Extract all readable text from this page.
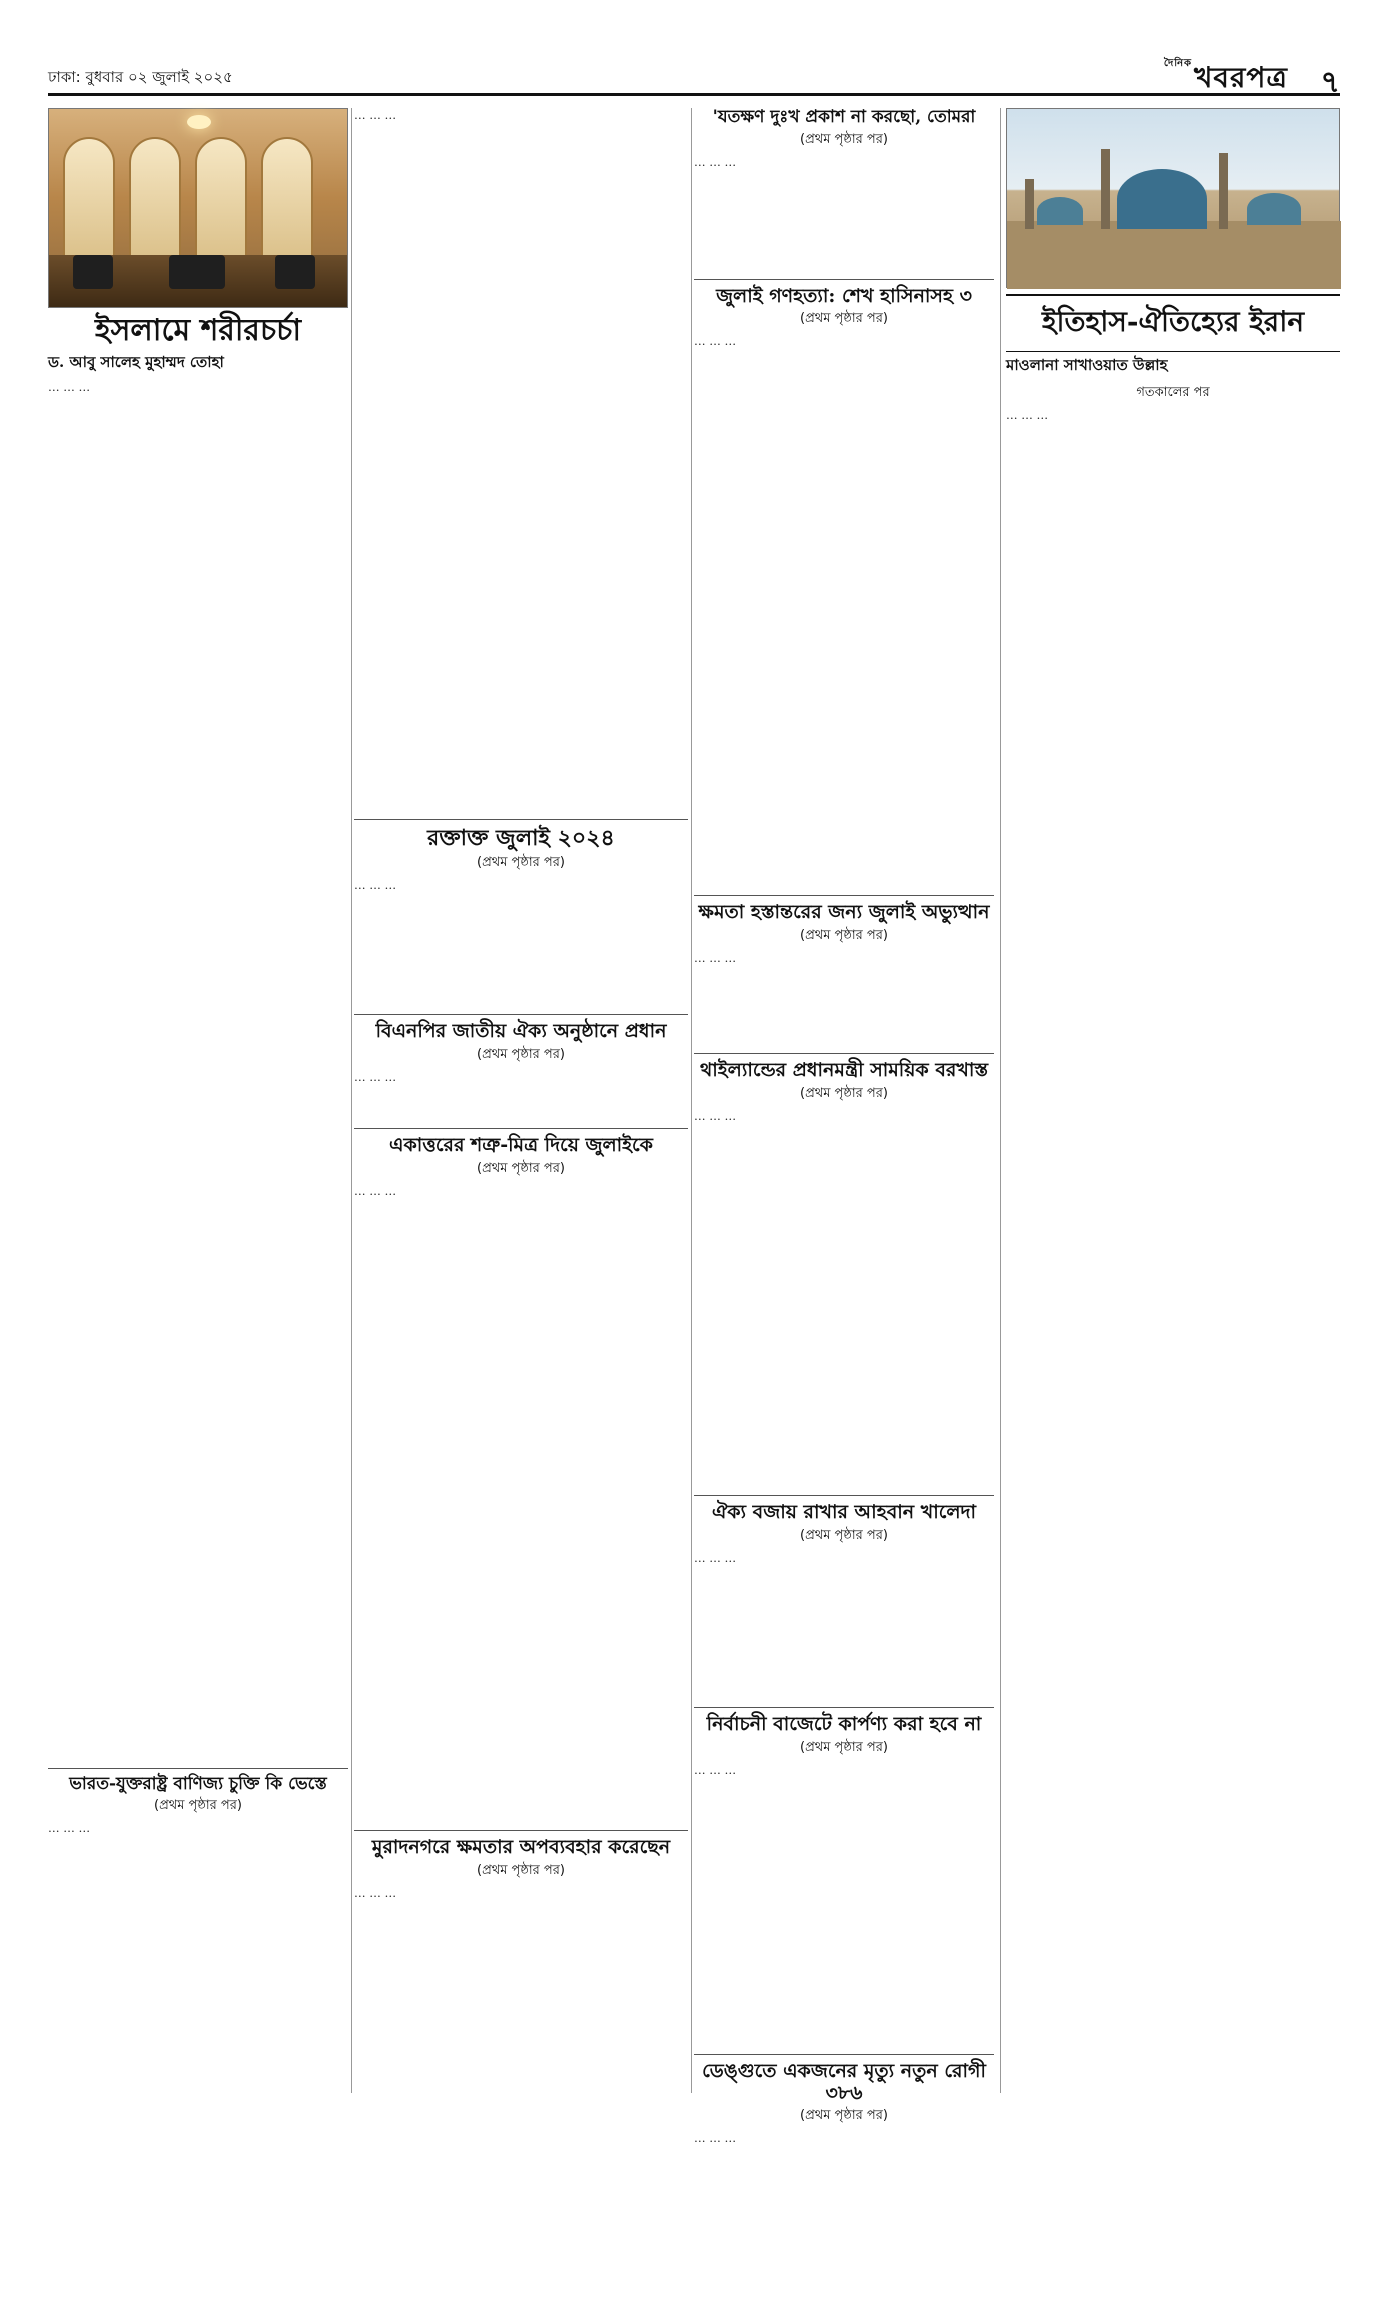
ঢাকা: বুধবার ০২ জুলাই ২০২৫
$^{দৈনিক}$খবরপত্র ৭
ইসলামে শরীরচর্চা
ড. আবু সালেহ মুহাম্মদ তোহা

… … …

ভারত-যুক্তরাষ্ট্র বাণিজ্য চুক্তি কি ভেস্তে
(প্রথম পৃষ্ঠার পর)

… … …

… … …

রক্তাক্ত জুলাই ২০২৪
(প্রথম পৃষ্ঠার পর)

… … …

বিএনপির জাতীয় ঐক্য অনুষ্ঠানে প্রধান
(প্রথম পৃষ্ঠার পর)

… … …

একাত্তরের শত্রু-মিত্র দিয়ে জুলাইকে
(প্রথম পৃষ্ঠার পর)

… … …

মুরাদনগরে ক্ষমতার অপব্যবহার করেছেন
(প্রথম পৃষ্ঠার পর)

… … …

'যতক্ষণ দুঃখ প্রকাশ না করছো, তোমরা
(প্রথম পৃষ্ঠার পর)

… … …

জুলাই গণহত্যা: শেখ হাসিনাসহ ৩
(প্রথম পৃষ্ঠার পর)

… … …

ক্ষমতা হস্তান্তরের জন্য জুলাই অভ্যুত্থান
(প্রথম পৃষ্ঠার পর)

… … …

থাইল্যান্ডের প্রধানমন্ত্রী সাময়িক বরখাস্ত
(প্রথম পৃষ্ঠার পর)

… … …

ঐক্য বজায় রাখার আহবান খালেদা
(প্রথম পৃষ্ঠার পর)

… … …

নির্বাচনী বাজেটে কার্পণ্য করা হবে না
(প্রথম পৃষ্ঠার পর)

… … …

ডেঙ্গুতে একজনের মৃত্যু নতুন রোগী ৩৮৬
(প্রথম পৃষ্ঠার পর)

… … …

ইতিহাস-ঐতিহ্যের ইরান
মাওলানা সাখাওয়াত উল্লাহ
গতকালের পর

… … …
